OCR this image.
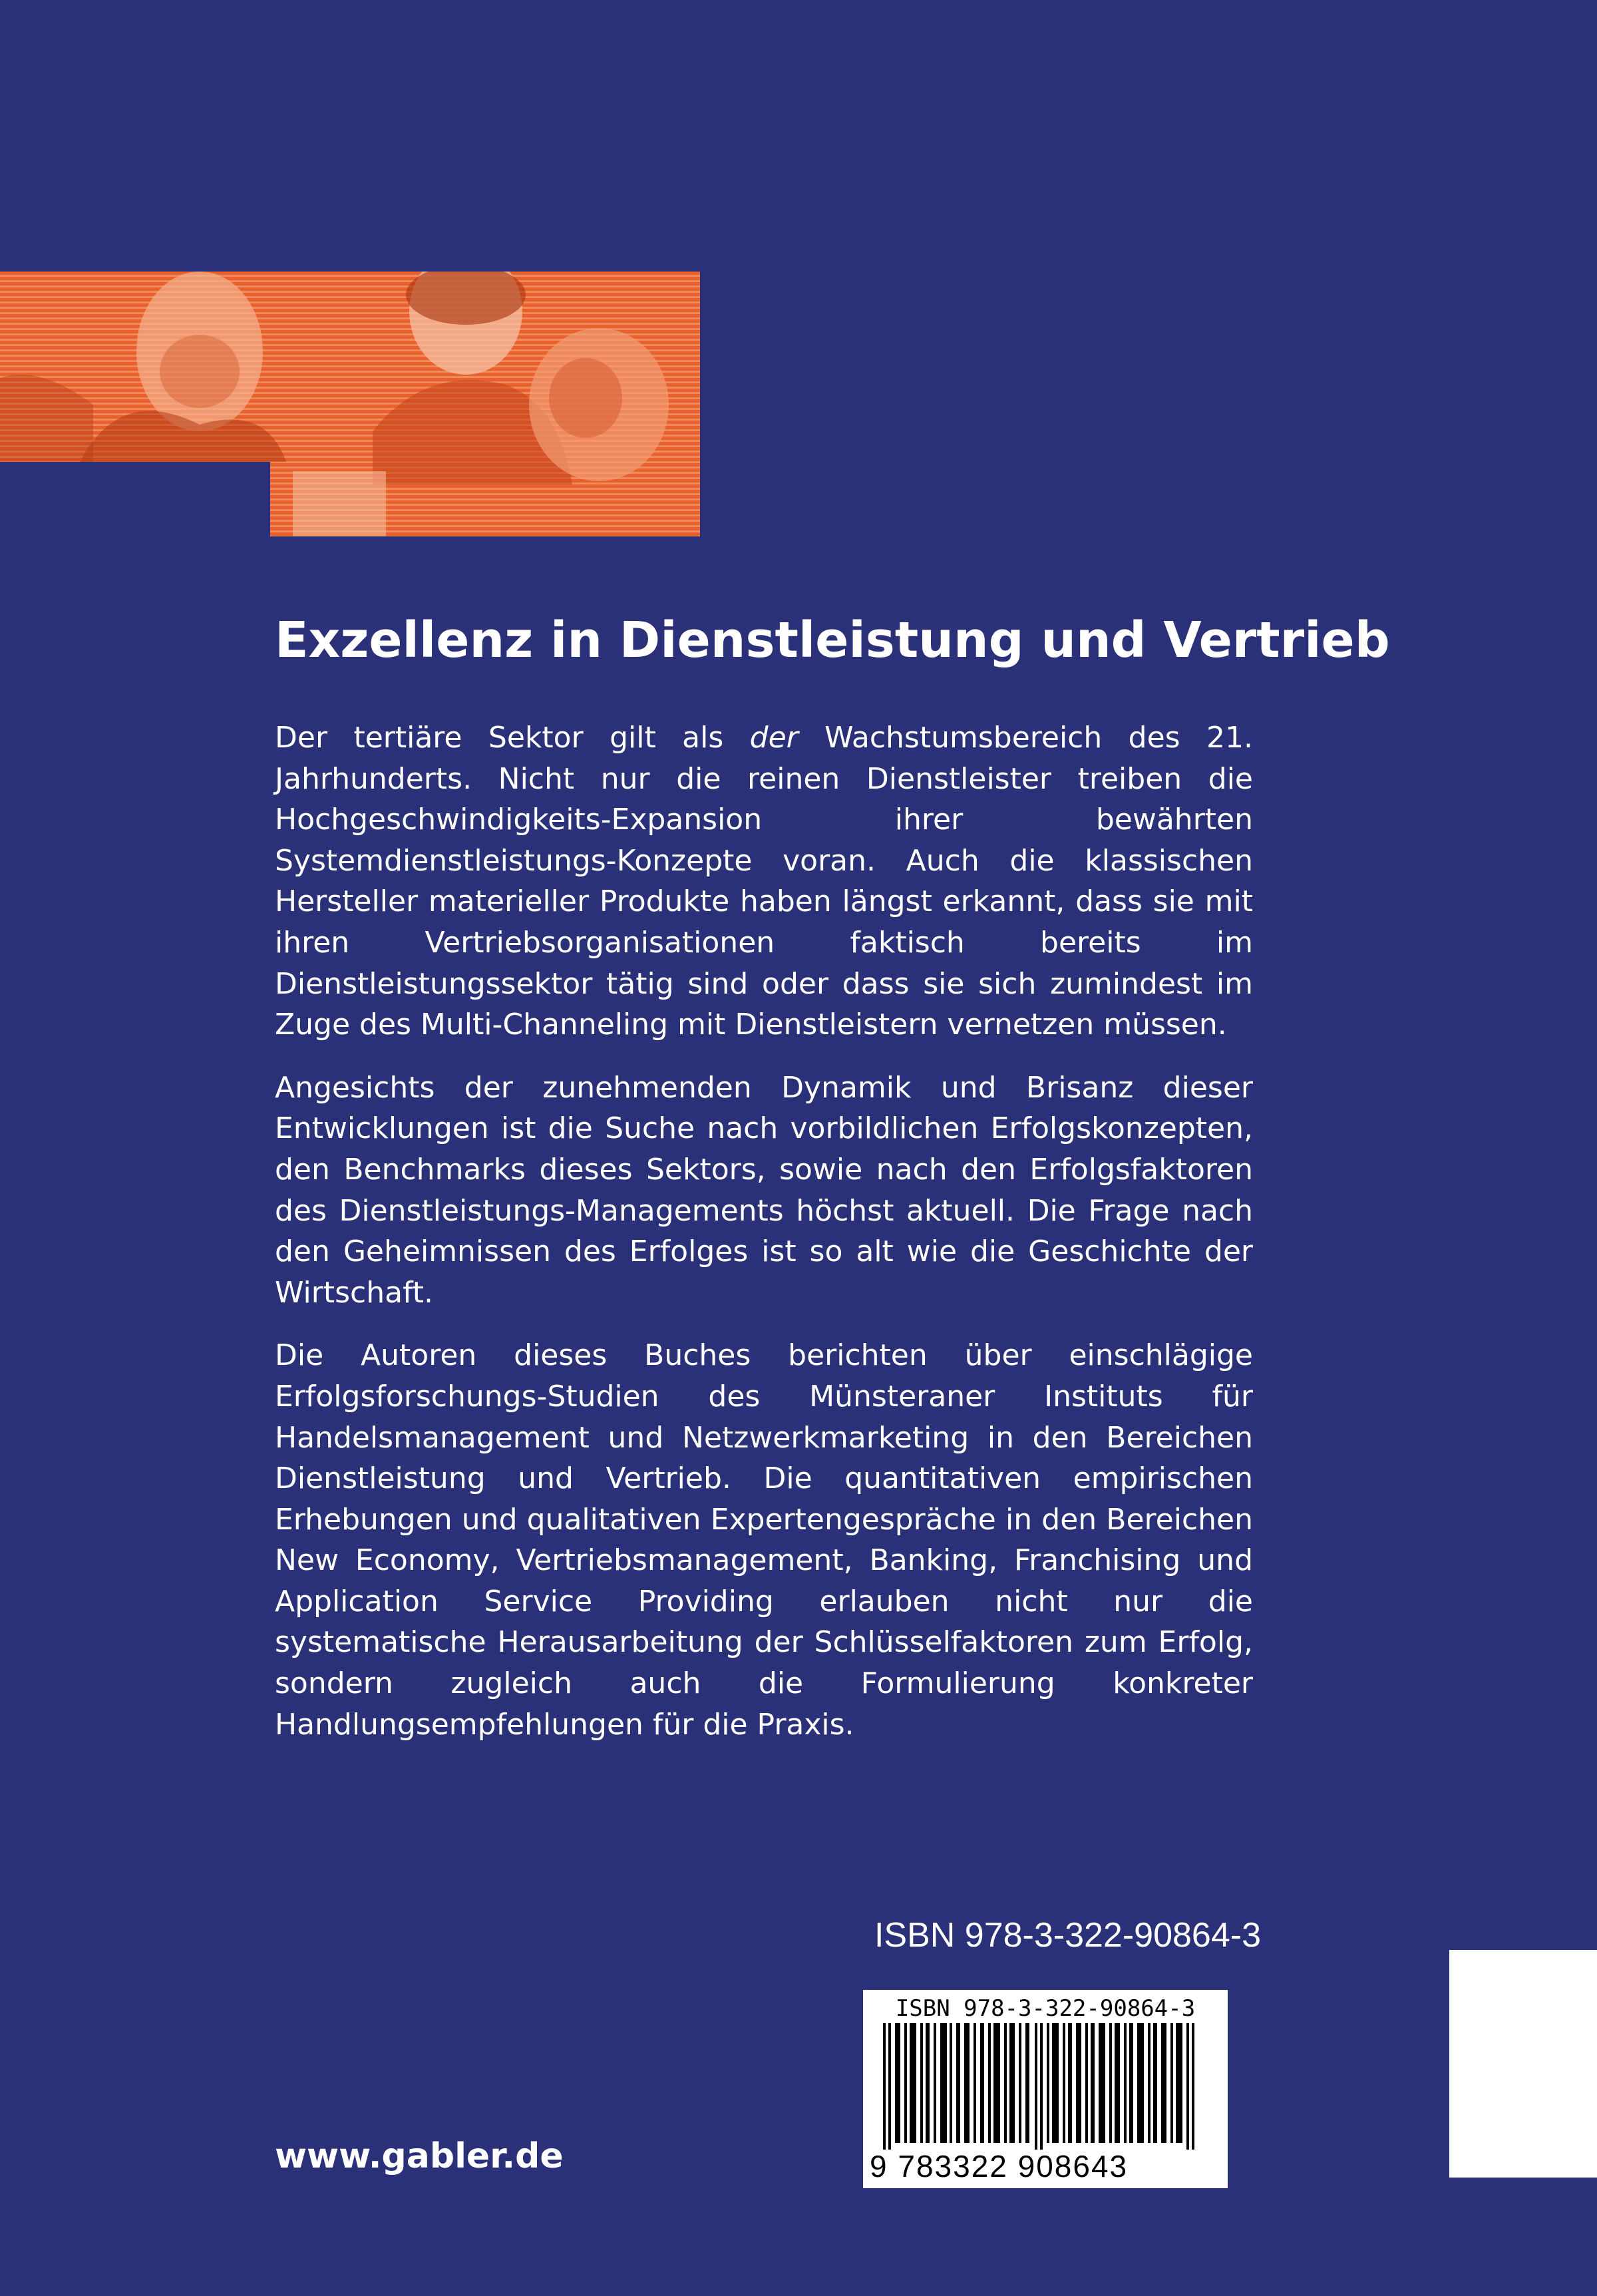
Exzellenz in Dienstleistung und Vertrieb

Der tertiäre Sektor gilt als der Wachstumsbereich des 21. Jahrhunderts. Nicht nur die reinen Dienstleister treiben die Hochgeschwindigkeits-Expansion ihrer bewährten Systemdienstleistungs-Konzepte voran. Auch die klassischen Hersteller materieller Produkte haben längst erkannt, dass sie mit ihren Vertriebsorganisationen faktisch bereits im Dienstleistungssektor tätig sind oder dass sie sich zumindest im Zuge des Multi-Channeling mit Dienstleistern vernetzen müssen.

Angesichts der zunehmenden Dynamik und Brisanz dieser Entwicklungen ist die Suche nach vorbildlichen Erfolgskonzepten, den Benchmarks dieses Sektors, sowie nach den Erfolgsfaktoren des Dienstleistungs-Managements höchst aktuell. Die Frage nach den Geheimnissen des Erfolges ist so alt wie die Geschichte der Wirtschaft.

Die Autoren dieses Buches berichten über einschlägige Erfolgsforschungs-Studien des Münsteraner Instituts für Handelsmanagement und Netzwerkmarketing in den Bereichen Dienstleistung und Vertrieb. Die quantitativen empirischen Erhebungen und qualitativen Expertengespräche in den Bereichen New Economy, Vertriebsmanagement, Banking, Franchising und Application Service Providing erlauben nicht nur die systematische Herausarbeitung der Schlüsselfaktoren zum Erfolg, sondern zugleich auch die Formulierung konkreter Handlungsempfehlungen für die Praxis.

ISBN 978-3-322-90864-3
ISBN 978-3-322-90864-3
9 783322 908643
www.gabler.de
